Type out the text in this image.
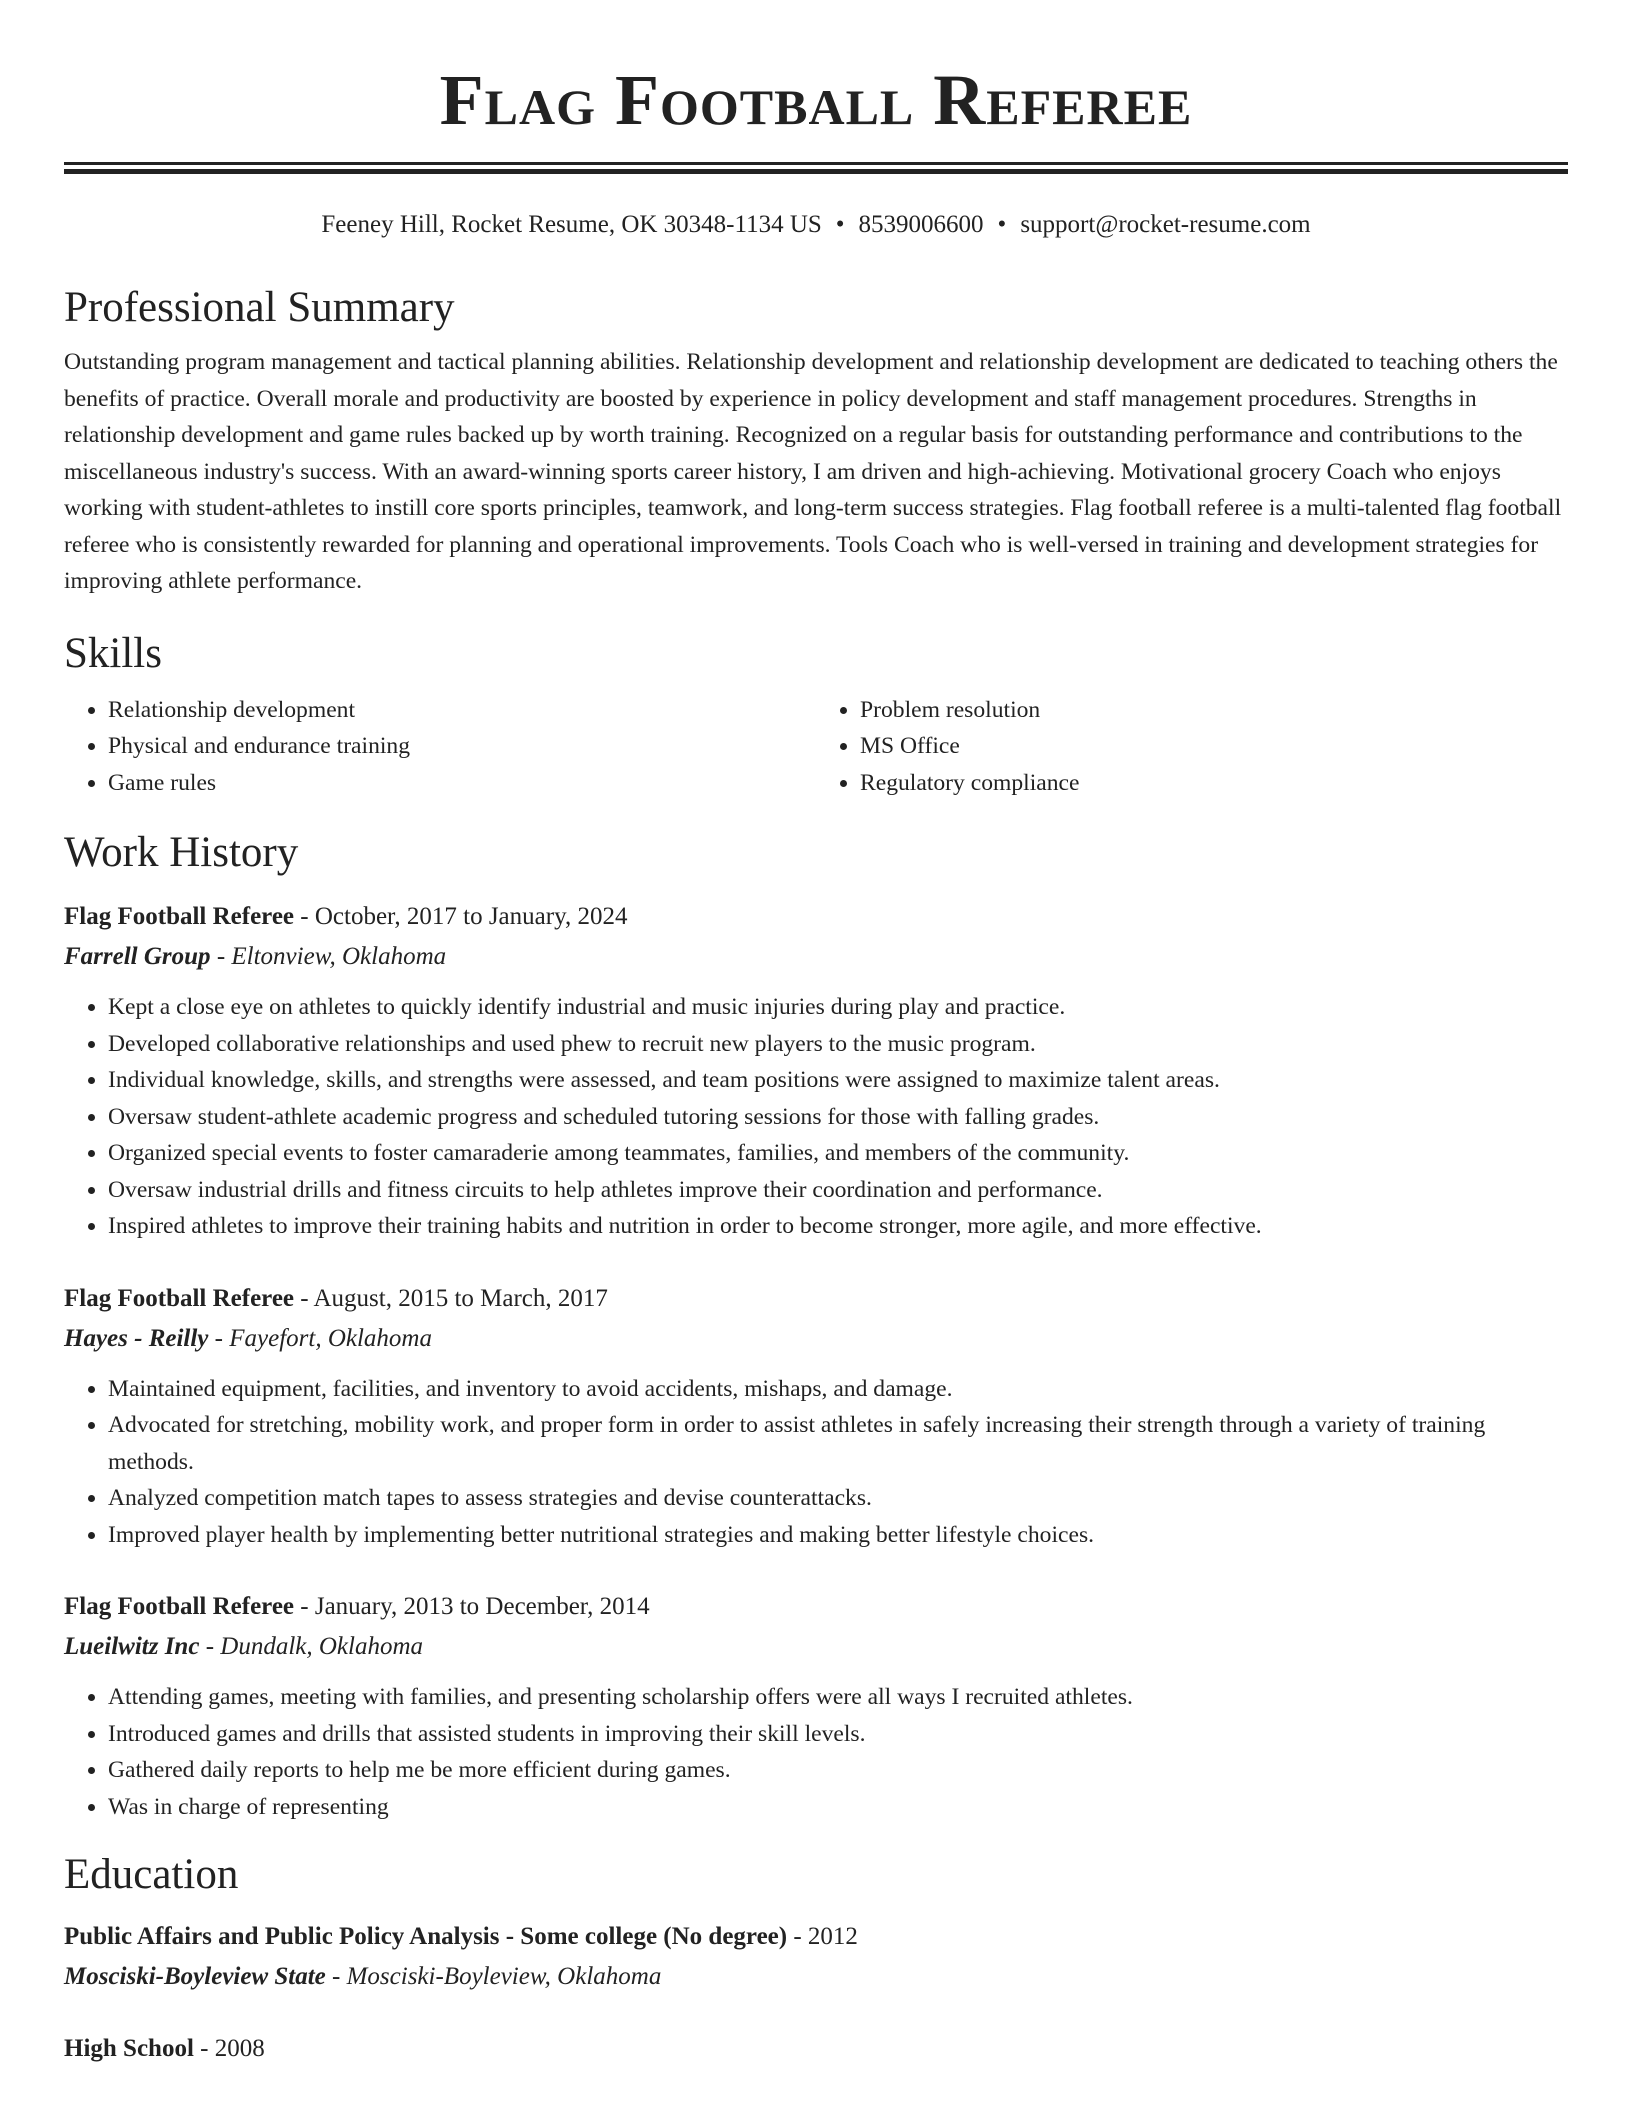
Flag Football Referee
Feeney Hill, Rocket Resume, OK 30348-1134 US • 8539006600 • support@rocket-resume.com
Professional Summary

Outstanding program management and tactical planning abilities. Relationship development and relationship development are dedicated to teaching others the benefits of practice. Overall morale and productivity are boosted by experience in policy development and staff management procedures. Strengths in relationship development and game rules backed up by worth training. Recognized on a regular basis for outstanding performance and contributions to the miscellaneous industry's success. With an award-winning sports career history, I am driven and high-achieving. Motivational grocery Coach who enjoys working with student-athletes to instill core sports principles, teamwork, and long-term success strategies. Flag football referee is a multi-talented flag football referee who is consistently rewarded for planning and operational improvements. Tools Coach who is well-versed in training and development strategies for improving athlete performance.

Skills
• Relationship development
• Physical and endurance training
• Game rules
• Problem resolution
• MS Office
• Regulatory compliance
Work History
Flag Football Referee - October, 2017 to January, 2024
Farrell Group - Eltonview, Oklahoma
• Kept a close eye on athletes to quickly identify industrial and music injuries during play and practice.
• Developed collaborative relationships and used phew to recruit new players to the music program.
• Individual knowledge, skills, and strengths were assessed, and team positions were assigned to maximize talent areas.
• Oversaw student-athlete academic progress and scheduled tutoring sessions for those with falling grades.
• Organized special events to foster camaraderie among teammates, families, and members of the community.
• Oversaw industrial drills and fitness circuits to help athletes improve their coordination and performance.
• Inspired athletes to improve their training habits and nutrition in order to become stronger, more agile, and more effective.
Flag Football Referee - August, 2015 to March, 2017
Hayes - Reilly - Fayefort, Oklahoma
• Maintained equipment, facilities, and inventory to avoid accidents, mishaps, and damage.
• Advocated for stretching, mobility work, and proper form in order to assist athletes in safely increasing their strength through a variety of training methods.
• Analyzed competition match tapes to assess strategies and devise counterattacks.
• Improved player health by implementing better nutritional strategies and making better lifestyle choices.
Flag Football Referee - January, 2013 to December, 2014
Lueilwitz Inc - Dundalk, Oklahoma
• Attending games, meeting with families, and presenting scholarship offers were all ways I recruited athletes.
• Introduced games and drills that assisted students in improving their skill levels.
• Gathered daily reports to help me be more efficient during games.
• Was in charge of representing
Education
Public Affairs and Public Policy Analysis - Some college (No degree) - 2012
Mosciski-Boyleview State - Mosciski-Boyleview, Oklahoma
High School - 2008
